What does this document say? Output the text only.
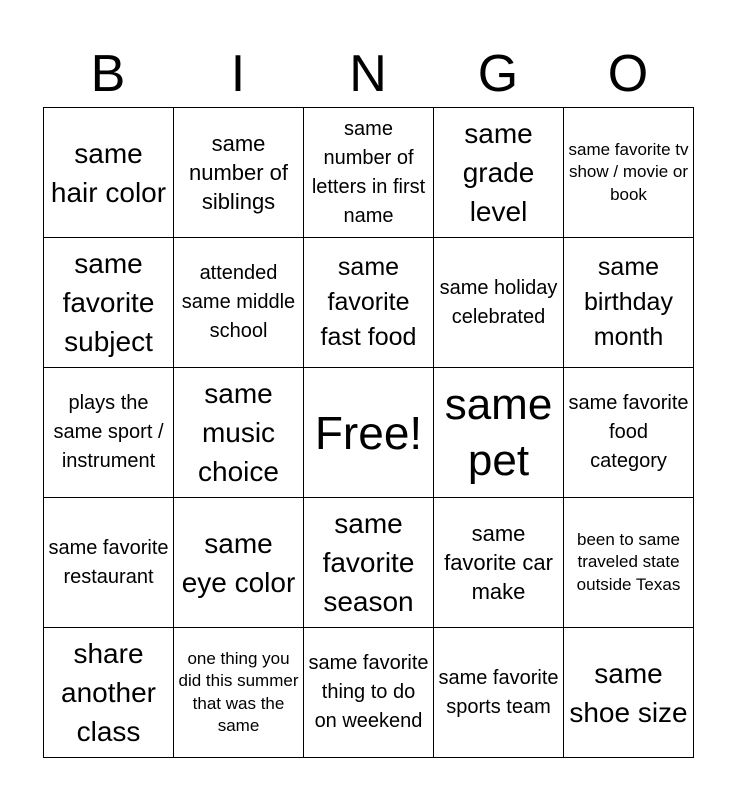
B	I	N	G	O
same hair color	same number of siblings	same number of letters in first name	same grade level	same favorite tv show / movie or book
same favorite subject	attended same middle school	same favorite fast food	same holiday celebrated	same birthday month
plays the same sport / instrument	same music choice	Free!	same pet	same favorite food category
same favorite restaurant	same eye color	same favorite season	same favorite car make	been to same traveled state outside Texas
share another class	one thing you did this summer that was the same	same favorite thing to do on weekend	same favorite sports team	same shoe size
